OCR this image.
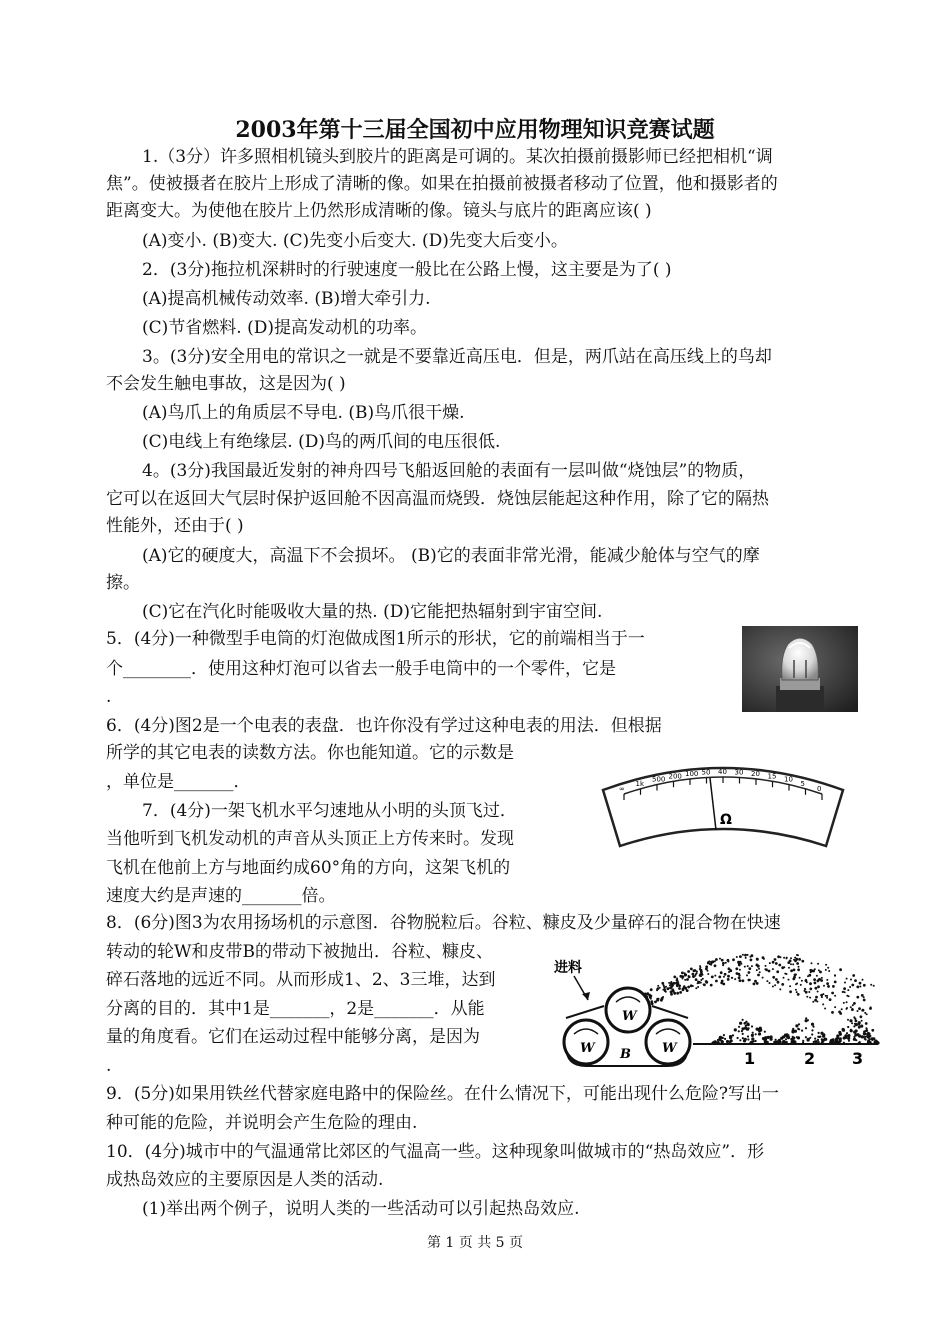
2003年第十三届全国初中应用物理知识竞赛试题
1.（3分）许多照相机镜头到胶片的距离是可调的。某次拍摄前摄影师已经把相机“调
焦”。使被摄者在胶片上形成了清晰的像。如果在拍摄前被摄者移动了位置，他和摄影者的
距离变大。为使他在胶片上仍然形成清晰的像。镜头与底片的距离应该( )
(A)变小. (B)变大. (C)先变小后变大. (D)先变大后变小。
2．(3分)拖拉机深耕时的行驶速度一般比在公路上慢，这主要是为了( )
(A)提高机械传动效率. (B)增大牵引力.
(C)节省燃料. (D)提高发动机的功率。
3。(3分)安全用电的常识之一就是不要靠近高压电．但是，两爪站在高压线上的鸟却
不会发生触电事故，这是因为( )
(A)鸟爪上的角质层不导电. (B)鸟爪很干燥.
(C)电线上有绝缘层. (D)鸟的两爪间的电压很低.
4。(3分)我国最近发射的神舟四号飞船返回舱的表面有一层叫做“烧蚀层”的物质，
它可以在返回大气层时保护返回舱不因高温而烧毁．烧蚀层能起这种作用，除了它的隔热
性能外，还由于( )
(A)它的硬度大，高温下不会损坏。 (B)它的表面非常光滑，能减少舱体与空气的摩
擦。
(C)它在汽化时能吸收大量的热. (D)它能把热辐射到宇宙空间.
5．(4分)一种微型手电筒的灯泡做成图1所示的形状，它的前端相当于一
个________．使用这种灯泡可以省去一般手电筒中的一个零件，它是
.
6．(4分)图2是一个电表的表盘．也许你没有学过这种电表的用法．但根据
所学的其它电表的读数方法。你也能知道。它的示数是
，单位是_______．	∞
1k
500 200 100 50 40 30 20 15 10
5
0
Ω
7．(4分)一架飞机水平匀速地从小明的头顶飞过．
当他听到飞机发动机的声音从头顶正上方传来时。发现
飞机在他前上方与地面约成60°角的方向，这架飞机的
速度大约是声速的_______倍。
8．(6分)图3为农用扬场机的示意图．谷物脱粒后。谷粒、糠皮及少量碎石的混合物在快速
转动的轮W和皮带B的带动下被抛出．谷粒、糠皮、
碎石落地的远近不同。从而形成1、2、3三堆，达到
分离的目的．其中1是_______，2是_______．从能
量的角度看。它们在运动过程中能够分离，是因为
.
进料
W
W
W
B	1	2 3
9．(5分)如果用铁丝代替家庭电路中的保险丝。在什么情况下，可能出现什么危险?写出一
种可能的危险，并说明会产生危险的理由.
10．(4分)城市中的气温通常比郊区的气温高一些。这种现象叫做城市的“热岛效应”．形
成热岛效应的主要原因是人类的活动.
(1)举出两个例子，说明人类的一些活动可以引起热岛效应.
第 1 页 共 5 页
